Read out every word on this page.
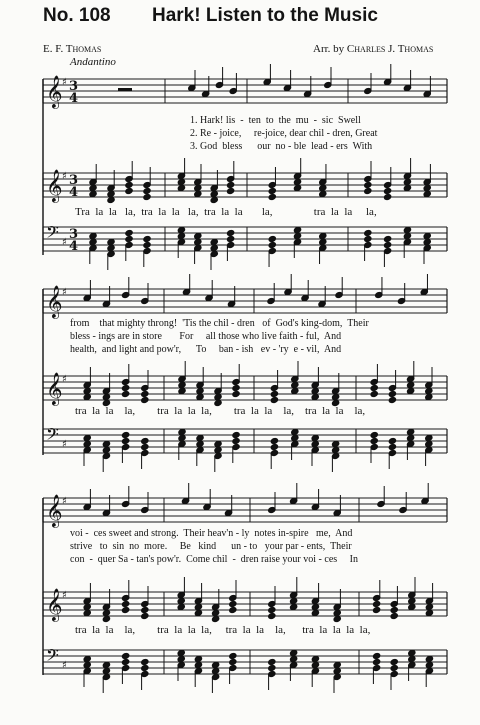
No. 108 Hark! Listen to the Music
E. F. Thomas
Andantino
Arr. by Charles J. Thomas
𝄞 ♯ 3
4
𝄞 ♯ 3
4
𝄢 ♯
3
4
𝄞 ♯
𝄞 ♯
𝄢 ♯
𝄞 ♯
𝄞 ♯
𝄢 ♯
1. Hark! lis  -  ten  to  the  mu  -  sic  Swell
2. Re - joice,     re-joice, dear chil - dren, Great
3. God  bless      our  no - ble  lead - ers  With
Tra  la  la   la,  tra  la  la   la,  tra  la  la       la,               tra  la  la     la,
from    that mighty throng!  'Tis the chil - dren   of  God's king-dom,  Their
bless - ings are in store       For     all those who live faith - ful,  And
health,  and light and pow'r,      To     ban - ish   ev - 'ry  e - vil,  And
tra  la  la    la,        tra  la  la  la,        tra  la  la    la,    tra  la  la    la,
voi -  ces sweet and strong.  Their heav'n - ly  notes in-spire   me,  And
strive   to  sin  no  more.     Be   kind      un - to   your par - ents,  Their
con  -  quer Sa - tan's pow'r.  Come chil  -  dren raise your voi - ces     In
tra  la  la    la,        tra  la  la  la,     tra  la  la    la,      tra  la  la  la  la,
